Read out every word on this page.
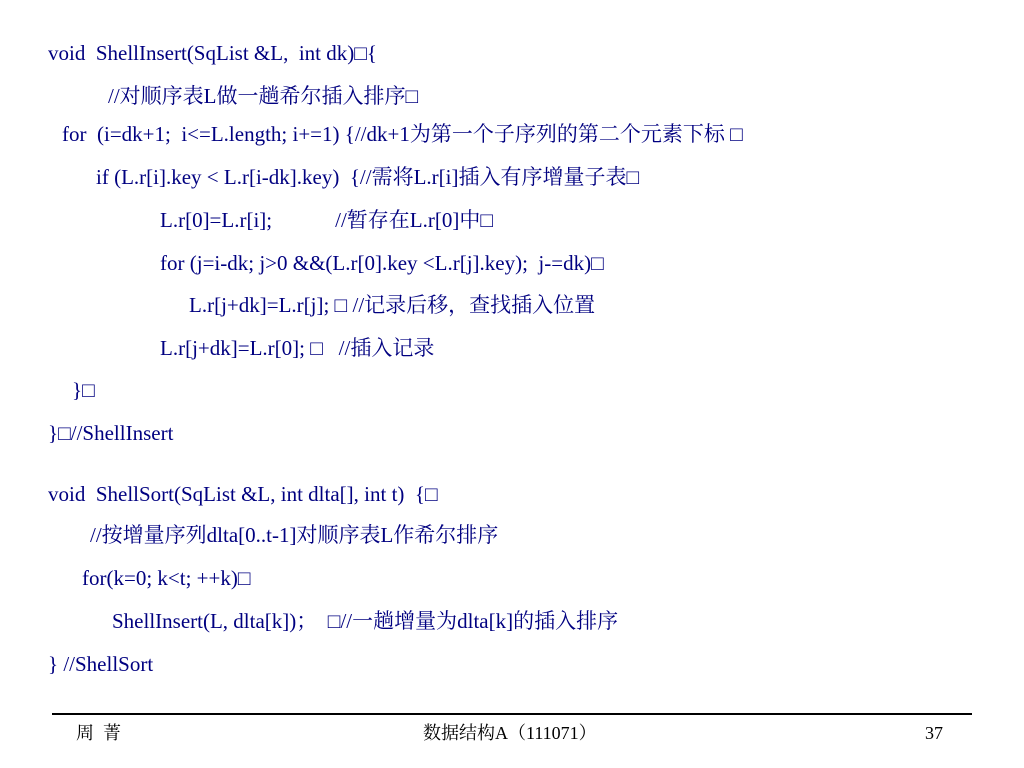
void  ShellInsert(SqList &L,  int dk)□{
//对顺序表L做一趟希尔插入排序□
for  (i=dk+1;  i<=L.length; i+=1) {//dk+1为第一个子序列的第二个元素下标 □
if (L.r[i].key < L.r[i-dk].key)  {//需将L.r[i]插入有序增量子表□
L.r[0]=L.r[i];            //暂存在L.r[0]中□
for (j=i-dk; j>0 &&(L.r[0].key <L.r[j].key);  j-=dk)□
L.r[j+dk]=L.r[j]; □ //记录后移，查找插入位置
L.r[j+dk]=L.r[0]; □   //插入记录
}□
}□//ShellInsert
void  ShellSort(SqList &L, int dlta[], int t)  {□
//按增量序列dlta[0..t-1]对顺序表L作希尔排序
for(k=0; k<t; ++k)□
ShellInsert(L, dlta[k])；  □//一趟增量为dlta[k]的插入排序
} //ShellSort
周  菁	数据结构A（111071）	37
